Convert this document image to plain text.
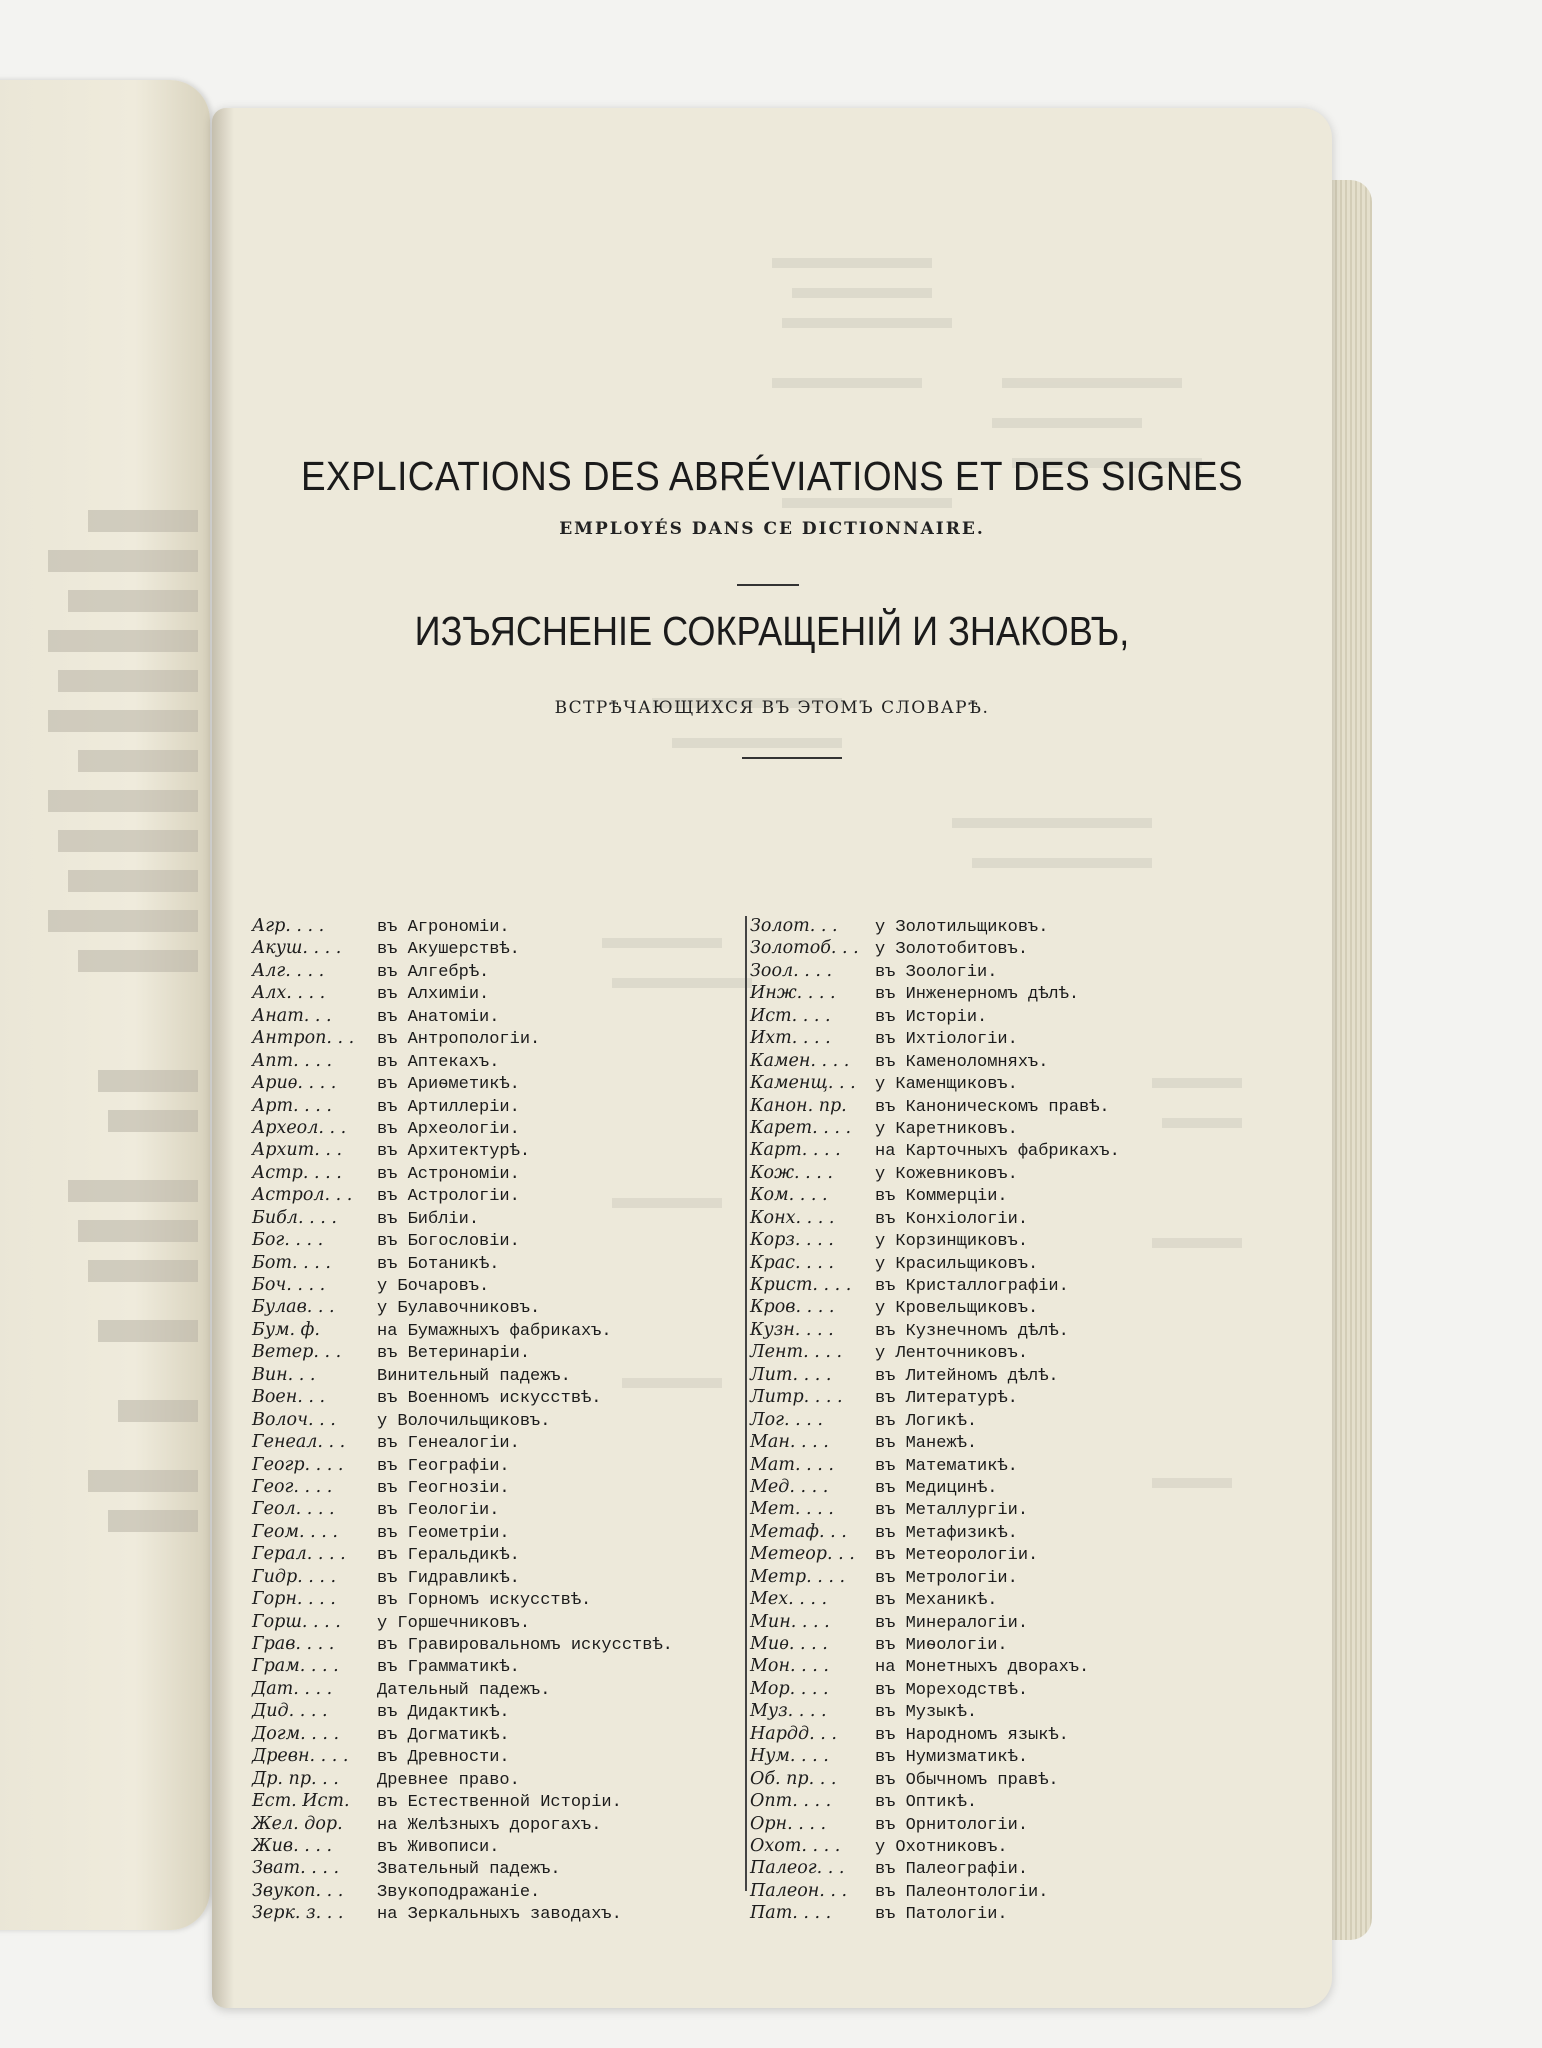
EXPLICATIONS DES ABRÉVIATIONS ET DES SIGNES
EMPLOYÉS DANS CE DICTIONNAIRE.
ИЗЪЯСНЕНIЕ СОКРАЩЕНIЙ И ЗНАКОВЪ,
ВСТРѢЧАЮЩИХСЯ ВЪ ЭТОМЪ СЛОВАРѢ.
Агр. . . .	въ Агрономiи.
Акуш. . . .	въ Акушерствѣ.
Алг. . . .	въ Алгебрѣ.
Алх. . . .	въ Алхимiи.
Анат. . .	въ Анатомiи.
Антроп. . .	въ Антропологiи.
Апт. . . .	въ Аптекахъ.
Ариѳ. . . .	въ Ариѳметикѣ.
Арт. . . .	въ Артиллерiи.
Археол. . .	въ Археологiи.
Архит. . .	въ Архитектурѣ.
Астр. . . .	въ Астрономiи.
Астрол. . .	въ Астрологiи.
Библ. . . .	въ Библiи.
Бог. . . .	въ Богословiи.
Бот. . . .	въ Ботаникѣ.
Боч. . . .	у Бочаровъ.
Булав. . .	у Булавочниковъ.
Бум. ф.	на Бумажныхъ фабрикахъ.
Ветер. . .	въ Ветеринарiи.
Вин. . .	Винительный падежъ.
Воен. . .	въ Военномъ искусствѣ.
Волоч. . .	у Волочильщиковъ.
Генеал. . .	въ Генеалогiи.
Геогр. . . .	въ Географiи.
Геог. . . .	въ Геогнозiи.
Геол. . . .	въ Геологiи.
Геом. . . .	въ Геометрiи.
Герал. . . .	въ Геральдикѣ.
Гидр. . . .	въ Гидравликѣ.
Горн. . . .	въ Горномъ искусствѣ.
Горш. . . .	у Горшечниковъ.
Грав. . . .	въ Гравировальномъ искусствѣ.
Грам. . . .	въ Грамматикѣ.
Дат. . . .	Дательный падежъ.
Дид. . . .	въ Дидактикѣ.
Догм. . . .	въ Догматикѣ.
Древн. . . .	въ Древности.
Др. пр. . .	Древнее право.
Ест. Ист.	въ Естественной Исторiи.
Жел. дор.	на Желѣзныхъ дорогахъ.
Жив. . . .	въ Живописи.
Зват. . . .	Звательный падежъ.
Звукоп. . .	Звукоподражанiе.
Зерк. з. . .	на Зеркальныхъ заводахъ.
Золот. . .	у Золотильщиковъ.
Золотоб. . . у Золотобитовъ.
Зоол. . . .	въ Зоологiи.
Инж. . . .	въ Инженерномъ дѣлѣ.
Ист. . . .	въ Исторiи.
Ихт. . . .	въ Ихтiологiи.
Камен. . . .	въ Каменоломняхъ.
Каменщ. . .	у Каменщиковъ.
Канон. пр.	въ Каноническомъ правѣ.
Карет. . . .	у Каретниковъ.
Карт. . . .	на Карточныхъ фабрикахъ.
Кож. . . .	у Кожевниковъ.
Ком. . . .	въ Коммерцiи.
Конх. . . .	въ Конхiологiи.
Корз. . . .	у Корзинщиковъ.
Крас. . . .	у Красильщиковъ.
Крист. . . .	въ Кристаллографiи.
Кров. . . .	у Кровельщиковъ.
Кузн. . . .	въ Кузнечномъ дѣлѣ.
Лент. . . .	у Ленточниковъ.
Лит. . . .	въ Литейномъ дѣлѣ.
Литр. . . .	въ Литературѣ.
Лог. . . .	въ Логикѣ.
Ман. . . .	въ Манежѣ.
Мат. . . .	въ Математикѣ.
Мед. . . .	въ Медицинѣ.
Мет. . . .	въ Металлургiи.
Метаф. . .	въ Метафизикѣ.
Метеор. . .	въ Метеорологiи.
Метр. . . .	въ Метрологiи.
Мех. . . .	въ Механикѣ.
Мин. . . .	въ Минералогiи.
Миѳ. . . .	въ Миѳологiи.
Мон. . . .	на Монетныхъ дворахъ.
Мор. . . .	въ Мореходствѣ.
Муз. . . .	въ Музыкѣ.
Нардд. . .	въ Народномъ языкѣ.
Нум. . . .	въ Нумизматикѣ.
Об. пр. . .	въ Обычномъ правѣ.
Опт. . . .	въ Оптикѣ.
Орн. . . .	въ Орнитологiи.
Охот. . . .	у Охотниковъ.
Палеог. . .	въ Палеографiи.
Палеон. . .	въ Палеонтологiи.
Пат. . . .	въ Патологiи.
